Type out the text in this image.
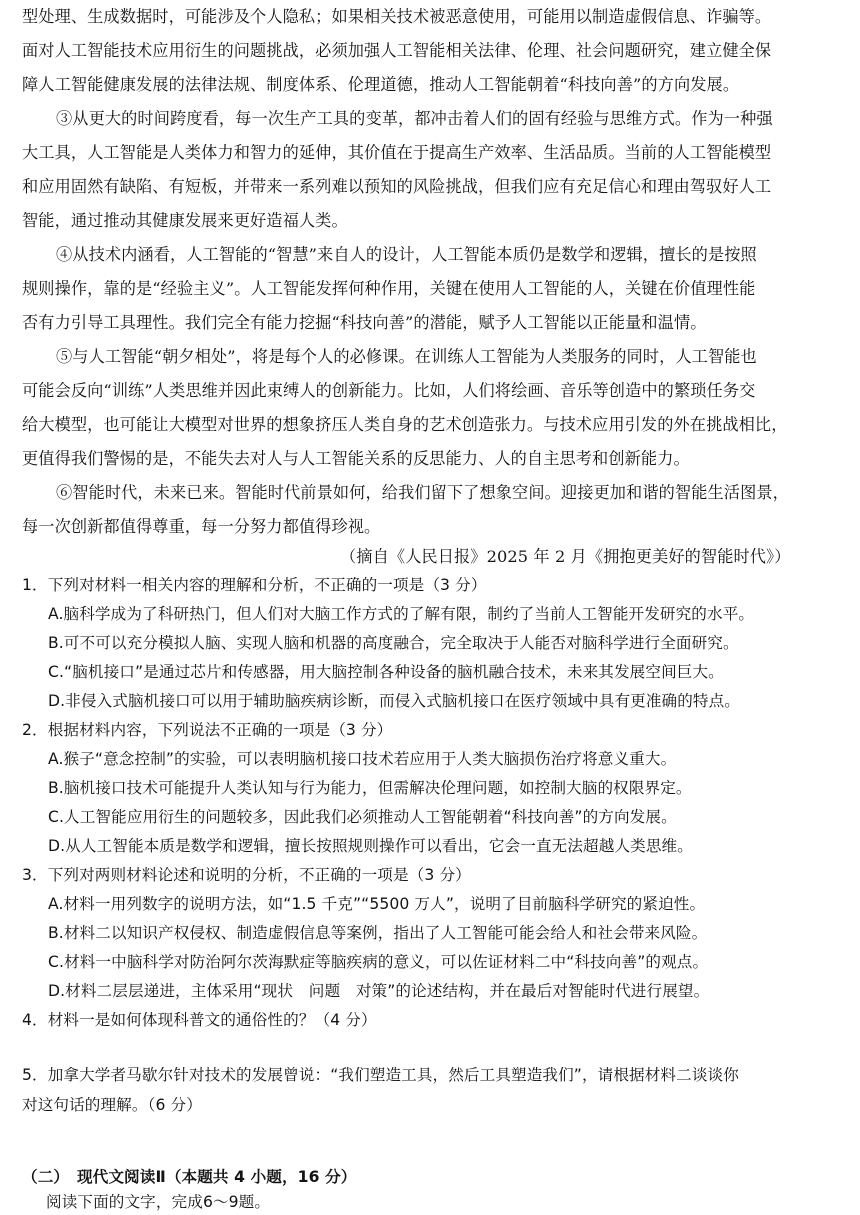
型处理、生成数据时，可能涉及个人隐私；如果相关技术被恶意使用，可能用以制造虚假信息、诈骗等。
面对人工智能技术应用衍生的问题挑战，必须加强人工智能相关法律、伦理、社会问题研究，建立健全保
障人工智能健康发展的法律法规、制度体系、伦理道德，推动人工智能朝着“科技向善”的方向发展。
③从更大的时间跨度看，每一次生产工具的变革，都冲击着人们的固有经验与思维方式。作为一种强
大工具，人工智能是人类体力和智力的延伸，其价值在于提高生产效率、生活品质。当前的人工智能模型
和应用固然有缺陷、有短板，并带来一系列难以预知的风险挑战，但我们应有充足信心和理由驾驭好人工
智能，通过推动其健康发展来更好造福人类。
④从技术内涵看，人工智能的“智慧”来自人的设计，人工智能本质仍是数学和逻辑，擅长的是按照
规则操作，靠的是“经验主义”。人工智能发挥何种作用，关键在使用人工智能的人，关键在价值理性能
否有力引导工具理性。我们完全有能力挖掘“科技向善”的潜能，赋予人工智能以正能量和温情。
⑤与人工智能“朝夕相处”，将是每个人的必修课。在训练人工智能为人类服务的同时，人工智能也
可能会反向“训练”人类思维并因此束缚人的创新能力。比如，人们将绘画、音乐等创造中的繁琐任务交
给大模型，也可能让大模型对世界的想象挤压人类自身的艺术创造张力。与技术应用引发的外在挑战相比，
更值得我们警惕的是，不能失去对人与人工智能关系的反思能力、人的自主思考和创新能力。
⑥智能时代，未来已来。智能时代前景如何，给我们留下了想象空间。迎接更加和谐的智能生活图景，
每一次创新都值得尊重，每一分努力都值得珍视。
（摘自《人民日报》2025 年 2 月《拥抱更美好的智能时代》）
1．下列对材料一相关内容的理解和分析，不正确的一项是（3 分）
A.脑科学成为了科研热门，但人们对大脑工作方式的了解有限，制约了当前人工智能开发研究的水平。
B.可不可以充分模拟人脑、实现人脑和机器的高度融合，完全取决于人能否对脑科学进行全面研究。
C.“脑机接口”是通过芯片和传感器，用大脑控制各种设备的脑机融合技术，未来其发展空间巨大。
D.非侵入式脑机接口可以用于辅助脑疾病诊断，而侵入式脑机接口在医疗领域中具有更准确的特点。
2．根据材料内容，下列说法不正确的一项是（3 分）
A.猴子“意念控制”的实验，可以表明脑机接口技术若应用于人类大脑损伤治疗将意义重大。
B.脑机接口技术可能提升人类认知与行为能力，但需解决伦理问题，如控制大脑的权限界定。
C.人工智能应用衍生的问题较多，因此我们必须推动人工智能朝着“科技向善”的方向发展。
D.从人工智能本质是数学和逻辑，擅长按照规则操作可以看出，它会一直无法超越人类思维。
3．下列对两则材料论述和说明的分析，不正确的一项是（3 分）
A.材料一用列数字的说明方法，如“1.5 千克”“5500 万人”，说明了目前脑科学研究的紧迫性。
B.材料二以知识产权侵权、制造虚假信息等案例，指出了人工智能可能会给人和社会带来风险。
C.材料一中脑科学对防治阿尔茨海默症等脑疾病的意义，可以佐证材料二中“科技向善”的观点。
D.材料二层层递进，主体采用“现状　问题　对策”的论述结构，并在最后对智能时代进行展望。
4．材料一是如何体现科普文的通俗性的？（4 分）
5．加拿大学者马歇尔针对技术的发展曾说：“我们塑造工具，然后工具塑造我们”，请根据材料二谈谈你
对这句话的理解。（6 分）
（二）　现代文阅读Ⅱ（本题共 4 小题，16 分）
阅读下面的文字，完成6～9题。
